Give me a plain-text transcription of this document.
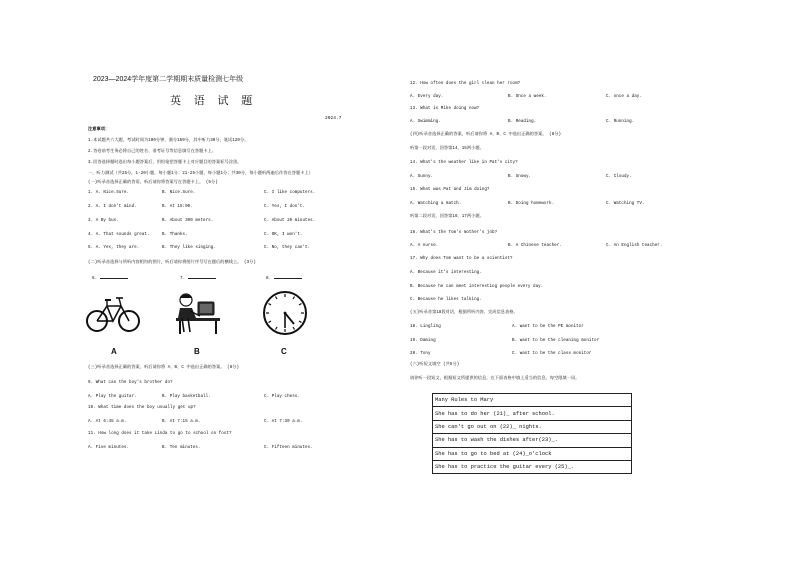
2023—2024学年度第二学期期末质量检测七年级
英 语 试 题
2024.7
注意事项：
1.本试题共六大题，考试时间为100分钟，满分150分，其中听力30分，笔试120分。
2.答卷前考生务必将自己的姓名、准考证号等信息填写在答题卡上。
3.回答选择题时选出每小题答案后，用铅笔把答题卡上对应题目的答案标号涂黑。
一、听力测试（共25分，1-20小题，每小题1分；21-25小题，每小题1分；共30分，每小题听两遍后作答在答题卡上）
(一)听录音选择正确的答语，听后请你将答案写在答题卡上。 (5分)
1. A. Nice.Sure.	B. Nice.Sure.	C. I like computers.
2. A. I don't mind.	B. At 15:00.	C. Yes, I don't.
3. A By bus.	B. About 300 meters.	C. About 20 minutes.
4. A. That sounds great.	B. Thanks.	C. OK, I won't.
5. A. Yes, they are.	B. They like singing.	C. No, they can't.
(二)听录音选择与所听内容相符的图片，听后请你将图片序号写在题后的横线上。 (3分)
6.	7.	8.
A	B	C
(三)听录音选择正确的答案，听后请你将 A、B、C 中选出正确的答案。 (8分)
9. What can the boy's brother do?
A. Play the guitar.	B. Play basketball.	C. Play chess.
10. What time does the boy usually get up?
A. At 6:45 a.m.	B. At 7:15 a.m.	C. At 7:30 a.m.
11. How long does it take Linda to go to school on foot?
A. Five minutes.	B. Ten minutes.	C. Fifteen minutes.
12. How often does the girl clean her room?
A. Every day.	B. Once a week.	C. once a day.
13. What is Mike doing now?
A. Swimming.	B. Reading.	C. Running.
(四)听录音选择正确的答案，听后请你将 A、B、C 中选出正确的答案。 (8分)
听第一段对话，回答第14、15两小题。
14. What's the weather like in Pat's city?
A. Sunny.	B. Snowy.	C. Cloudy.
15. What was Pat and Jim doing?
A. Watching a match.	B. Doing homework.	C. Watching TV.
听第二段对话，回答第16、17两小题。
16. What's the Tom's mother's job?
A. A nurse.	B. A Chinese teacher.	C. An English teacher.
17. Why does Tom want to be a scientist?
A. Because it's interesting.
B. Because he can meet interesting people every day.
C. Because he likes talking.
(五)听录音第18段对话，根据所听内容，完成信息表格。
18. Lingling	A. want to be the PE monitor
19. Daming	B. want to be the cleaning monitor
20. Tony	C. want to be the class monitor
(六)听短文填空 (共5分)
请你听一段短文，根据短文所提供的信息，在下面表格中填上适当的信息，每空限填一词。
Many Rules to Mary
She has to do her (21)_ after school.
She can't go out on (22)_ nights.
She has to wash the dishes after(23)_.
She has to go to bed at (24)_o'clock
She has to practice the guitar every (25)_.
